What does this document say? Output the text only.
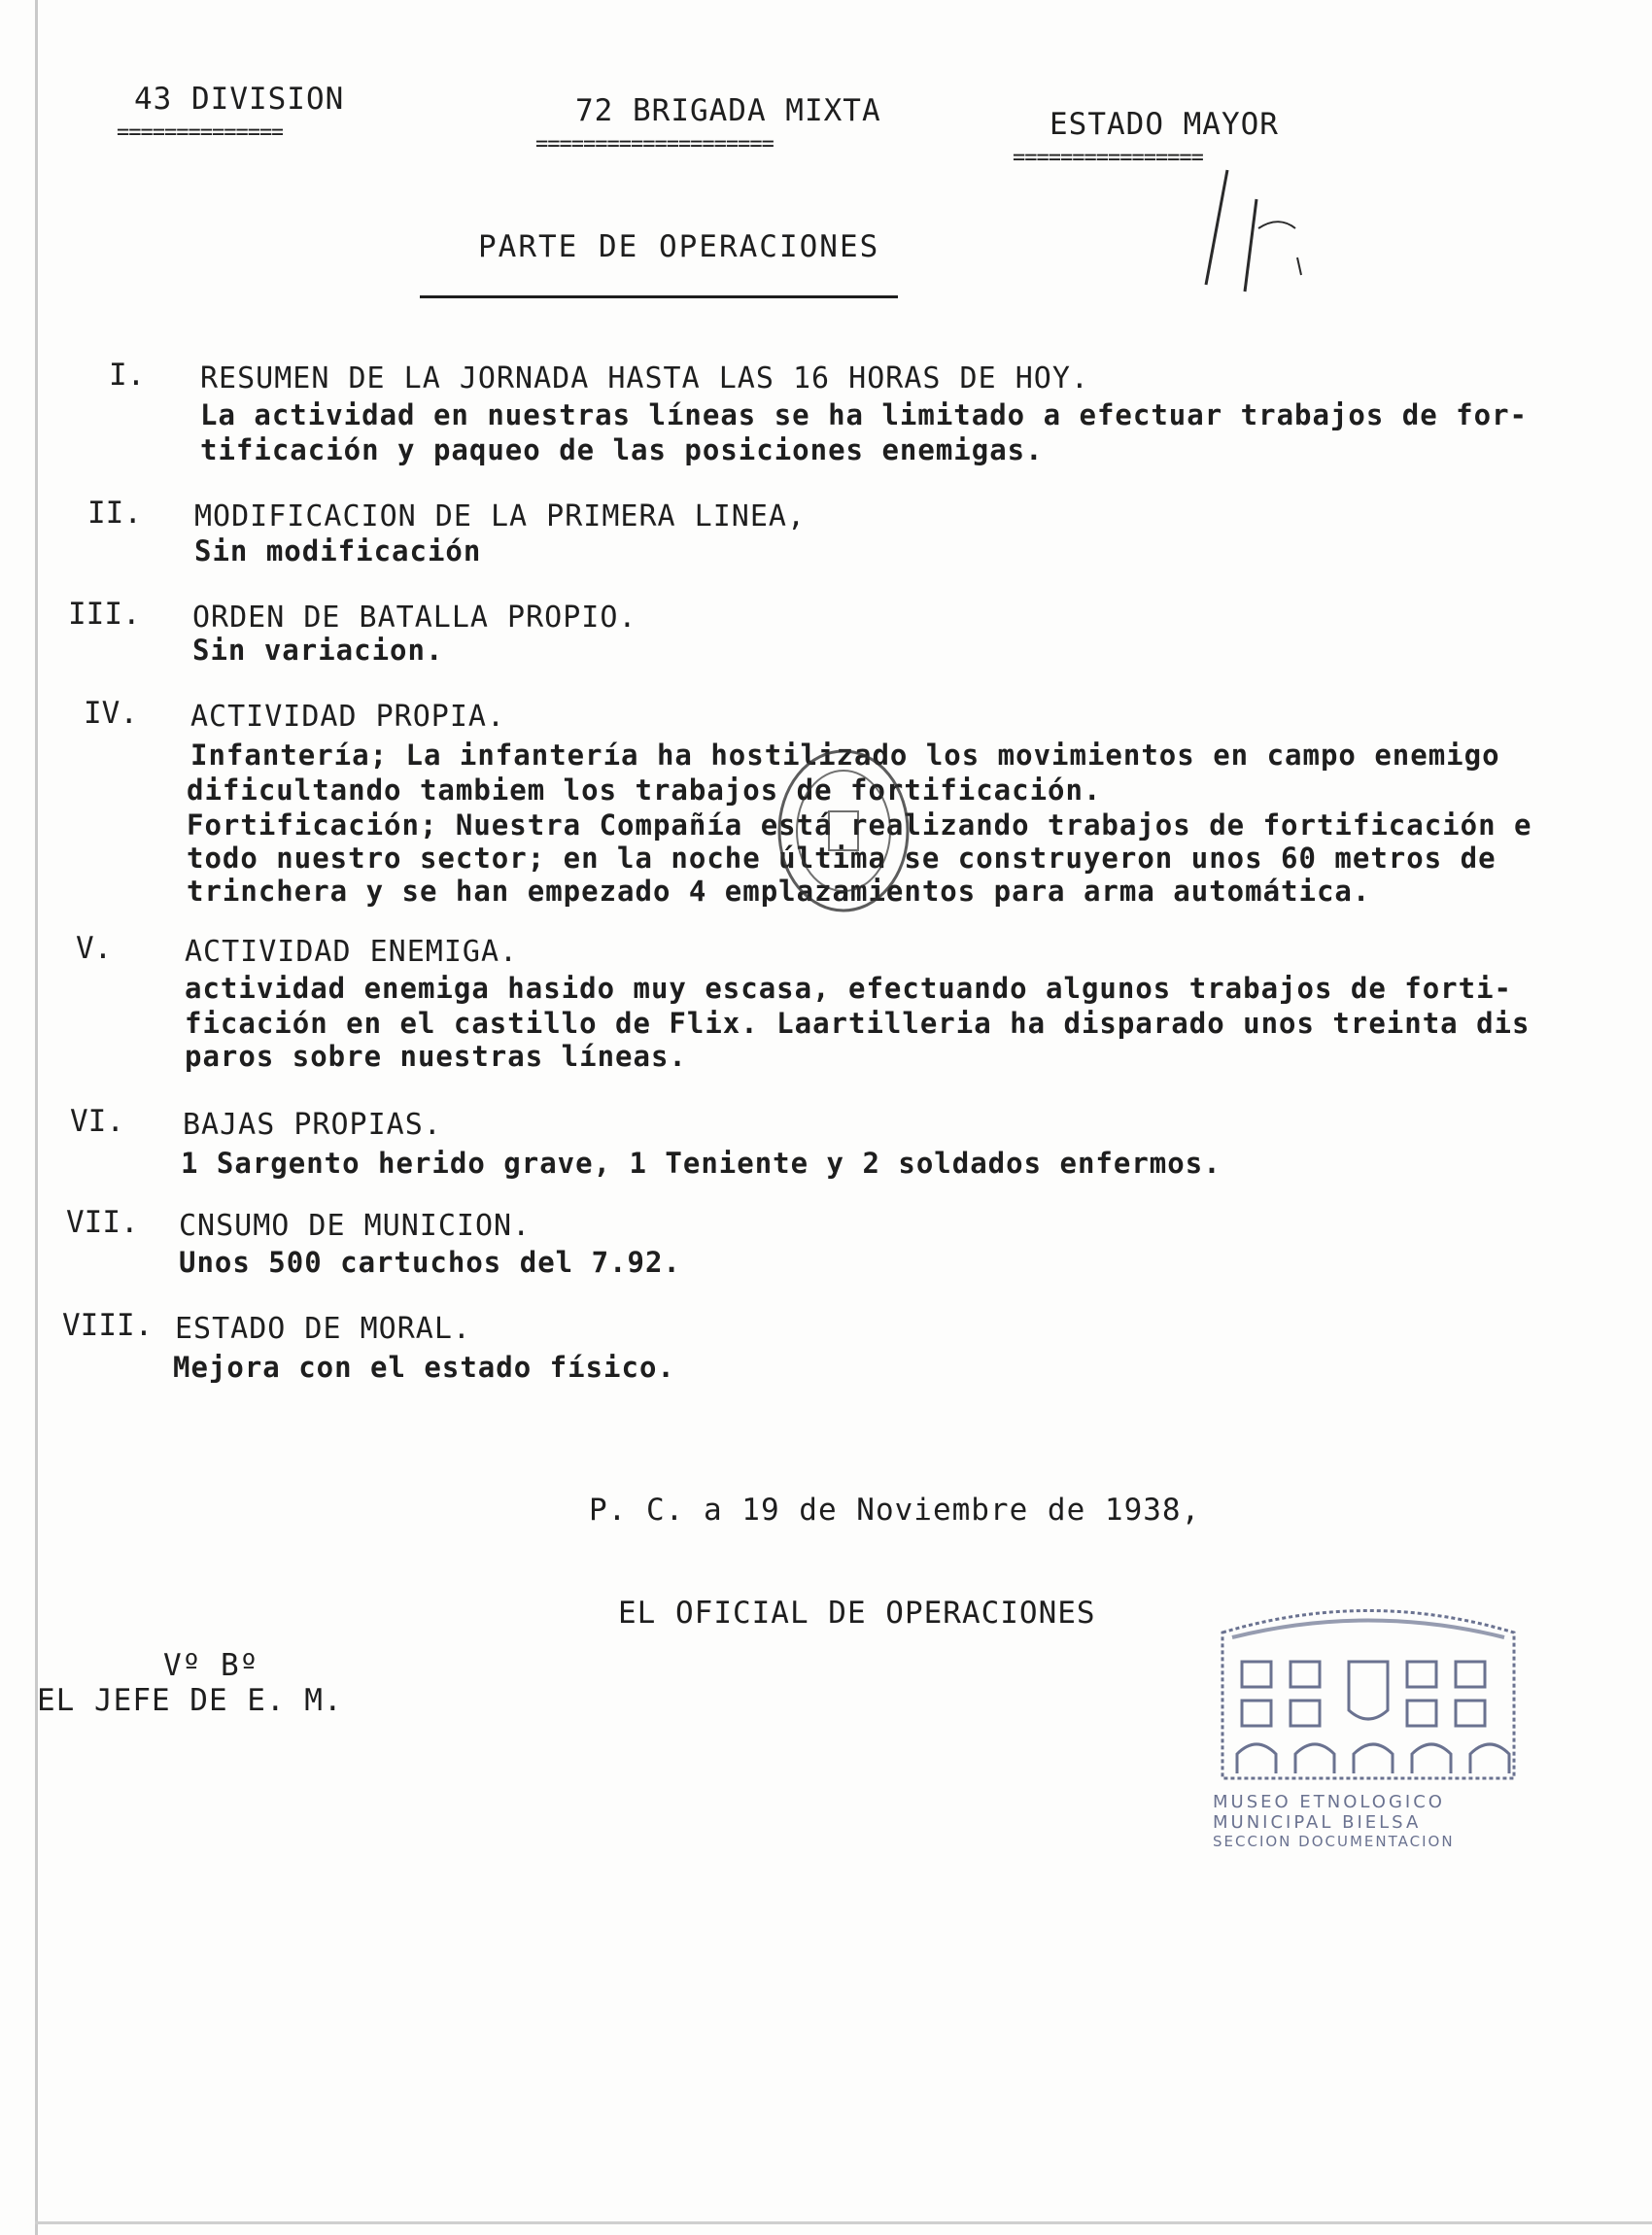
43 DIVISION
==============
72 BRIGADA MIXTA
====================
ESTADO MAYOR
================
PARTE DE OPERACIONES
I. RESUMEN DE LA JORNADA HASTA LAS 16 HORAS DE HOY.
La actividad en nuestras líneas se ha limitado a efectuar trabajos de for-
tificación y paqueo de las posiciones enemigas.
II. MODIFICACION DE LA PRIMERA LINEA,
Sin modificación
III. ORDEN DE BATALLA PROPIO.
Sin variacion.
IV. ACTIVIDAD PROPIA.
Infantería; La infantería ha hostilizado los movimientos en campo enemigo
dificultando tambiem los trabajos de fortificación.
Fortificación; Nuestra Compañía está realizando trabajos de fortificación e
todo nuestro sector; en la noche última se construyeron unos 60 metros de
trinchera y se han empezado 4 emplazamientos para arma automática.
V. ACTIVIDAD ENEMIGA.
actividad enemiga hasido muy escasa, efectuando algunos trabajos de forti-
ficación en el castillo de Flix. Laartilleria ha disparado unos treinta dis
paros sobre nuestras líneas.
VI. BAJAS PROPIAS.
1 Sargento herido grave, 1 Teniente y 2 soldados enfermos.
VII. CNSUMO DE MUNICION.
Unos 500 cartuchos del 7.92.
VIII. ESTADO DE MORAL.
Mejora con el estado físico.
P. C. a 19 de Noviembre de 1938,
EL OFICIAL DE OPERACIONES
Vº Bº
EL JEFE DE E. M.
MUSEO ETNOLOGICO
MUNICIPAL BIELSA
SECCION DOCUMENTACION
